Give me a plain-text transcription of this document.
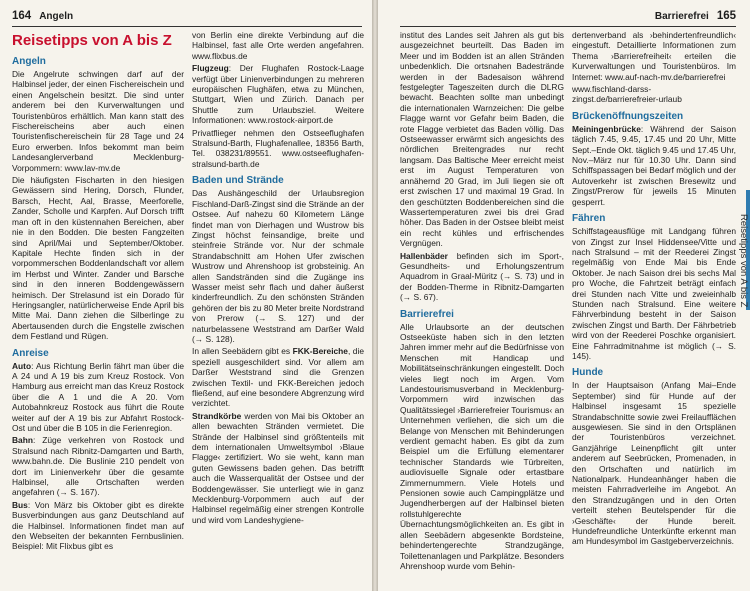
164 Angeln
Reisetipps von A bis Z
Angeln

Die Angelrute schwingen darf auf der Halbinsel jeder, der einen Fischereischein und einen Angelschein besitzt. Die sind unter anderem bei den Kurverwaltungen und Touristenbüros erhältlich. Man kann statt des Fischereischeins aber auch einen Touristenfischereischein für 28 Tage und 24 Euro erwerben. Infos bekommt man beim Landesanglerverband Mecklenburg-Vorpommern: www.lav-mv.de

Die häufigsten Fischarten in den hiesigen Gewässern sind Hering, Dorsch, Flunder, Barsch, Hecht, Aal, Brasse, Meerforelle, Zander, Scholle und Karpfen. Auf Dorsch trifft man oft in den küstennahen Bereichen, aber nie in den Bodden. Die besten Fangzeiten sind April/Mai und September/Oktober. Kapitale Hechte finden sich in der vorpommerschen Boddenlandschaft vor allem im Herbst und Winter. Zander und Barsche sind in den inneren Boddengewässern heimisch. Der Strelasund ist ein Dorado für Heringsangler, natürlicherweise Ende April bis Mitte Mai. Dann ziehen die Silberlinge zu Abertausenden durch die Engstelle zwischen dem Festland und Rügen.

Anreise

Auto: Aus Richtung Berlin fährt man über die A 24 und A 19 bis zum Kreuz Rostock. Von Hamburg aus erreicht man das Kreuz Rostock über die A 1 und die A 20. Vom Autobahnkreuz Rostock aus führt die Route weiter auf der A 19 bis zur Abfahrt Rostock-Ost und über die B 105 in die Ferienregion.

Bahn: Züge verkehren von Rostock und Stralsund nach Ribnitz-Damgarten und Barth, www.bahn.de. Die Buslinie 210 pendelt von dort im Linienverkehr über die gesamte Halbinsel, alle Ortschaften werden angefahren (→ S. 167).

Bus: Von März bis Oktober gibt es direkte Busverbindungen aus ganz Deutschland auf die Halbinsel. Informationen findet man auf den Webseiten der bekannten Fernbuslinien. Beispiel: Mit Flixbus gibt es

von Berlin eine direkte Verbindung auf die Halbinsel, fast alle Orte werden angefahren. www.flixbus.de

Flugzeug: Der Flughafen Rostock-Laage verfügt über Linienverbindungen zu mehreren europäischen Flughäfen, etwa zu München, Stuttgart, Wien und Zürich. Danach per Shuttle zum Urlaubsziel. Weitere Informationen: www.rostock-airport.de

Privatflieger nehmen den Ostseeflughafen Stralsund-Barth, Flughafenallee, 18356 Barth, Tel. 038231/89551. www.ostseeflughafen-stralsund-barth.de

Baden und Strände

Das Aushängeschild der Urlaubsregion Fischland-Darß-Zingst sind die Strände an der Ostsee. Auf nahezu 60 Kilometern Länge findet man von Dierhagen und Wustrow bis Zingst höchst feinsandige, breite und steinfreie Strände vor. Nur der schmale Strandabschnitt am Hohen Ufer zwischen Wustrow und Ahrenshoop ist grobsteinig. An allen Sandstränden sind die Zugänge ins Wasser meist sehr flach und daher äußerst kinderfreundlich. Zu den schönsten Stränden gehören der bis zu 80 Meter breite Nordstrand von Prerow (→ S. 127) und der naturbelassene Weststrand am Darßer Wald (→ S. 128).

In allen Seebädern gibt es FKK-Bereiche, die speziell ausgeschildert sind. Vor allem am Darßer Weststrand sind die Grenzen zwischen Textil- und FKK-Bereichen jedoch fließend, auf eine besondere Abgrenzung wird verzichtet.

Strandkörbe werden von Mai bis Oktober an allen bewachten Stränden vermietet. Die Strände der Halbinsel sind größtenteils mit dem internationalen Umweltsymbol ›Blaue Flagge‹ zertifiziert. Wo sie weht, kann man guten Gewissens baden gehen. Das betrifft auch die Wasserqualität der Ostsee und der Boddengewässer. Sie unterliegt wie in ganz Mecklenburg-Vorpommern auch auf der Halbinsel regelmäßig einer strengen Kontrolle und wird vom Landeshygiene-

Barrierefrei 165

institut des Landes seit Jahren als gut bis ausgezeichnet beurteilt. Das Baden im Meer und im Bodden ist an allen Stränden unbedenklich. Die ortsnahen Badestrände werden in der Badesaison während festgelegter Tageszeiten durch die DLRG bewacht. Beachten sollte man unbedingt die internationalen Warnzeichen: Die gelbe Flagge warnt vor Gefahr beim Baden, die rote Flagge verbietet das Baden völlig. Das Ostseewasser erwärmt sich angesichts des nördlichen Breitengrades nur recht langsam. Das Baltische Meer erreicht meist erst im August Temperaturen von annähernd 20 Grad, im Juli liegen sie oft erst zwischen 17 und maximal 19 Grad. In den geschützten Boddenbereichen sind die Wassertemperaturen zwei bis drei Grad höher. Das Baden in der Ostsee bleibt meist ein recht kühles und erfrischendes Vergnügen.

Hallenbäder befinden sich im Sport-, Gesundheits- und Erholungszentrum Aquadrom in Graal-Müritz (→ S. 73) und in der Bodden-Therme in Ribnitz-Damgarten (→ S. 67).

Barrierefrei

Alle Urlaubsorte an der deutschen Ostseeküste haben sich in den letzten Jahren immer mehr auf die Bedürfnisse von Menschen mit Handicap und Mobilitätseinschränkungen eingestellt. Doch vieles liegt noch im Argen. Vom Landestourismusverband in Mecklenburg-Vorpommern wird inzwischen das Qualitätssiegel ›Barrierefreier Tourismus‹ an Unternehmen verliehen, die sich um die Belange von Menschen mit Behinderungen verdient gemacht haben. Es gibt da zum Beispiel um die Erfüllung elementarer technischer Standards wie Türbreiten, audiovisuelle Signale oder ertastbare Zimmernummern. Viele Hotels und Pensionen sowie auch Campingplätze und Jugendherbergen auf der Halbinsel bieten rollstuhlgerechte Übernachtungsmöglichkeiten an. Es gibt in allen Seebädern abgesenkte Bordsteine, behindertengerechte Strandzugänge, Toilettenanlagen und Parkplätze. Besonders Ahrenshoop wurde vom Behin-

dertenverband als ›behindertenfreundlich‹ eingestuft. Detaillierte Informationen zum Thema ›Barrierefreiheit‹ erteilen die Kurverwaltungen und Touristenbüros. Im Internet: www.auf-nach-mv.de/barrierefrei

www.fischland-darss-zingst.de/barrierefreier-urlaub

Brückenöffnungszeiten

Meiningenbrücke: Während der Saison täglich 7.45, 9.45, 17.45 und 20 Uhr, Mitte Sept.–Ende Okt. täglich 9.45 und 17.45 Uhr, Nov.–März nur für 10.30 Uhr. Dann sind Schiffspassagen bei Bedarf möglich und der Autoverkehr ist zwischen Bresewitz und Zingst/Prerow für jeweils 15 Minuten gesperrt.

Fähren

Schiffstageausflüge mit Landgang führen von Zingst zur Insel Hiddensee/Vitte und nach Stralsund – mit der Reederei Zingst regelmäßig von Ende Mai bis Ende Oktober. Je nach Saison drei bis sechs Mal pro Woche, die Fahrtzeit beträgt einfach drei Stunden nach Vitte und zweieinhalb Stunden nach Stralsund. Eine weitere Fährverbindung besteht in der Saison zwischen Zingst und Barth. Der Fährbetrieb wird von der Reederei Poschke organisiert. Eine Fahrradmitnahme ist möglich (→ S. 145).

Hunde

In der Hauptsaison (Anfang Mai–Ende September) sind für Hunde auf der Halbinsel insgesamt 15 spezielle Strandabschnitte sowie zwei Freilaufflächen ausgewiesen. Sie sind in den Ortsplänen der Touristenbüros verzeichnet. Ganzjährige Leinenpflicht gilt unter anderem auf Seebrücken, Promenaden, in den Ortschaften und natürlich im Nationalpark. Hundeanhänger haben die meisten Fahrradverleihe im Angebot. An den Strandzugängen und in den Orten verteilt stehen Beutelspender für die ›Geschäfte‹ der Hunde bereit. Hundefreundliche Unterkünfte erkennt man am Hundesymbol im Gastgeberverzeichnis.

Reisetipps von A bis Z
